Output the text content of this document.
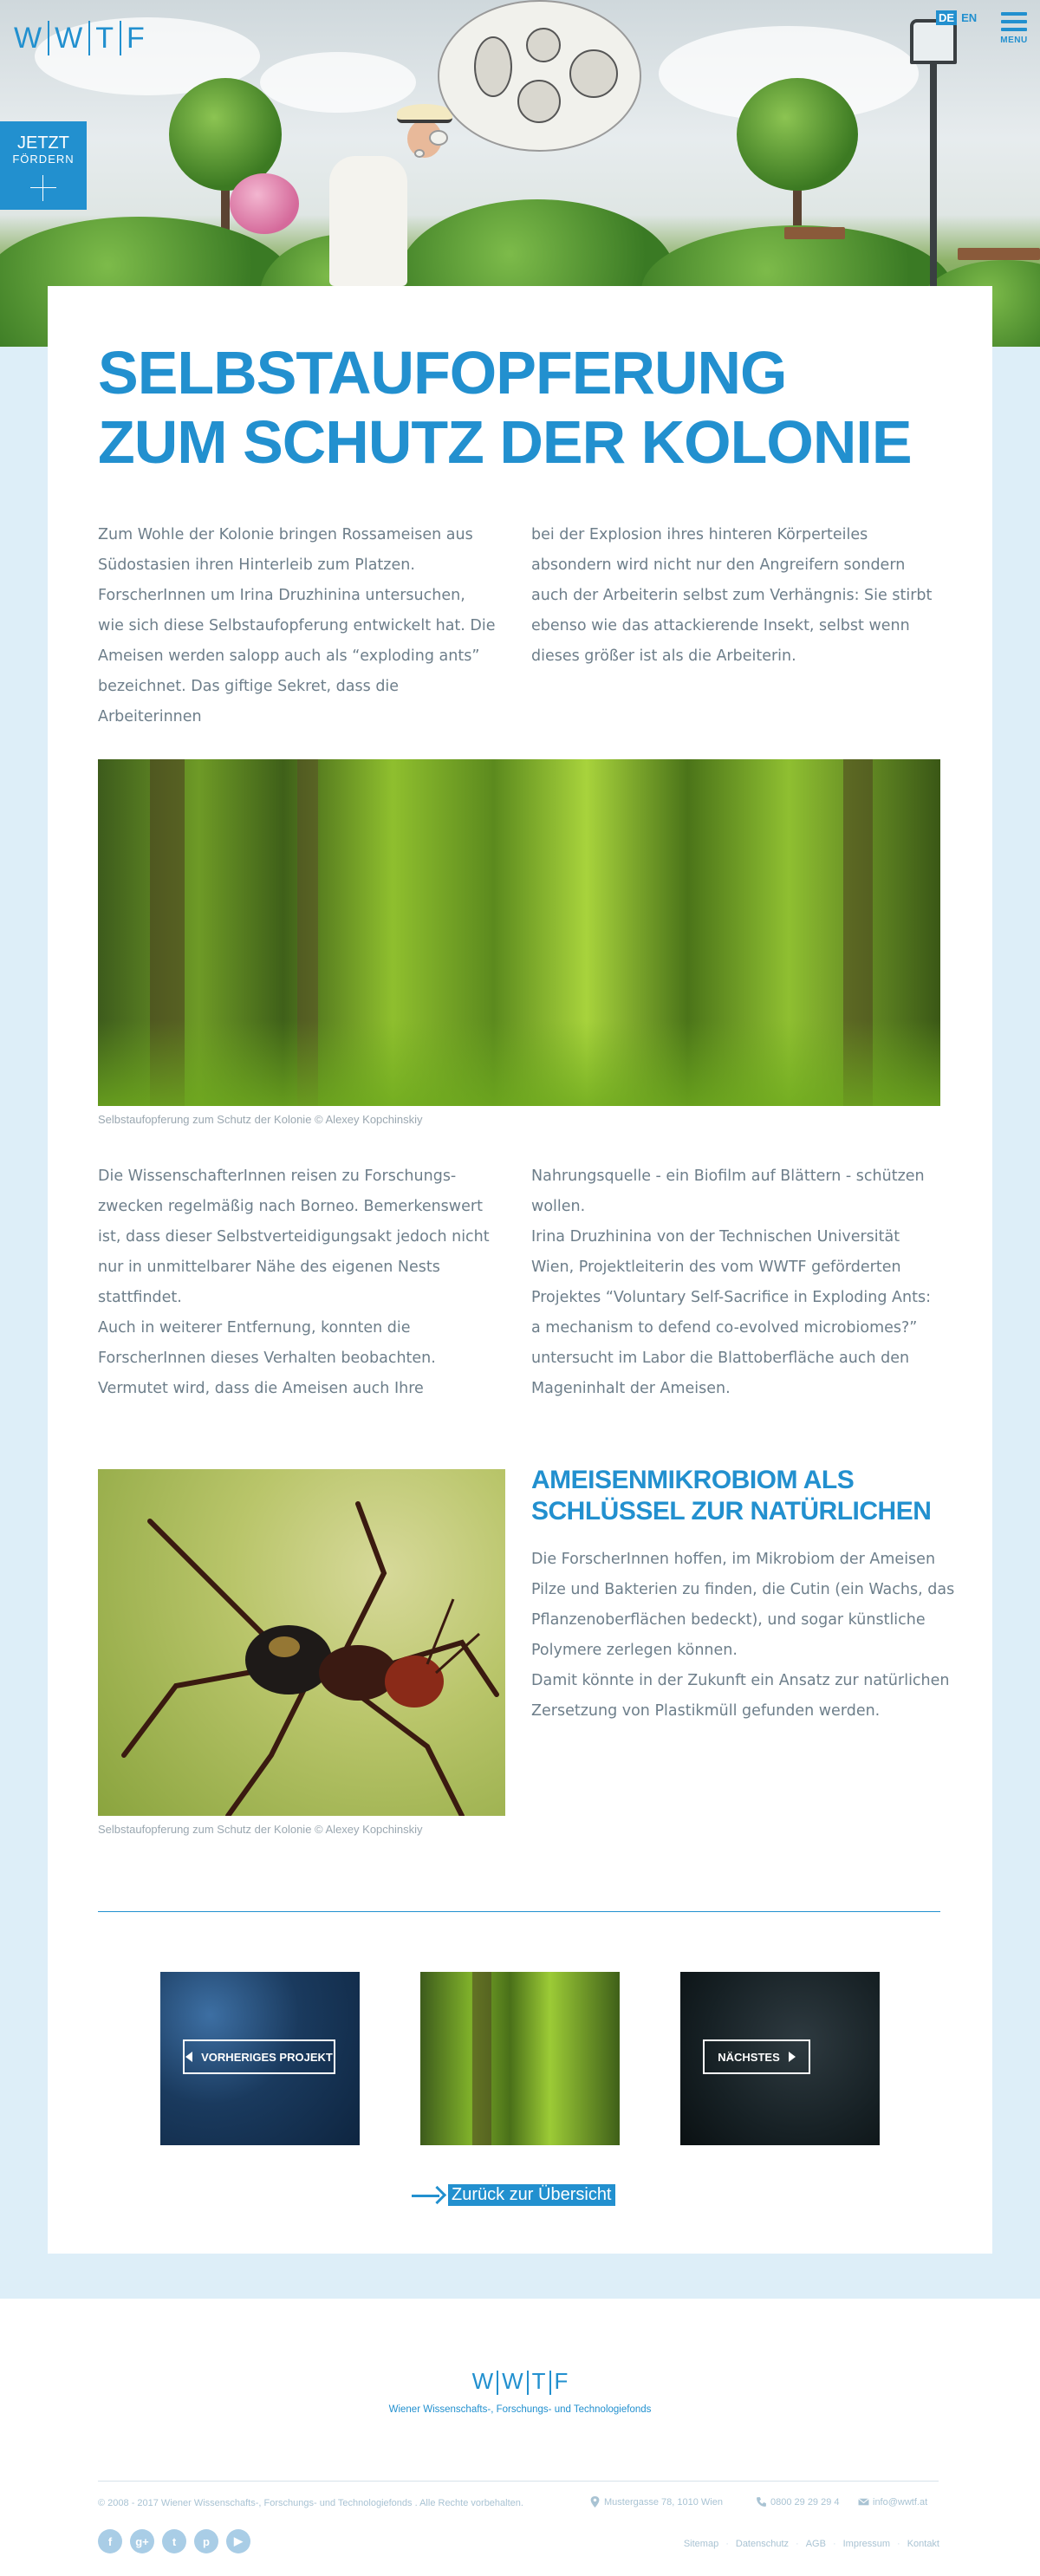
W W T F
DE EN
MENU
JETZT
FÖRDERN
SELBSTAUFOPFERUNG
ZUM SCHUTZ DER KOLONIE
Zum Wohle der Kolonie bringen Rossameisen aus
Südostasien ihren Hinterleib zum Platzen.
ForscherInnen um Irina Druzhinina untersuchen,
wie sich diese Selbstaufopferung entwickelt hat. Die
Ameisen werden salopp auch als “exploding ants”
bezeichnet. Das giftige Sekret, dass die Arbeiterinnen
bei der Explosion ihres hinteren Körperteiles
absondern wird nicht nur den Angreifern sondern
auch der Arbeiterin selbst zum Verhängnis: Sie stirbt
ebenso wie das attackierende Insekt, selbst wenn
dieses größer ist als die Arbeiterin.
Selbstaufopferung zum Schutz der Kolonie © Alexey Kopchinskiy
Die WissenschafterInnen reisen zu Forschungs-
zwecken regelmäßig nach Borneo. Bemerkenswert
ist, dass dieser Selbstverteidigungsakt jedoch nicht
nur in unmittelbarer Nähe des eigenen Nests
stattfindet.
Auch in weiterer Entfernung, konnten die
ForscherInnen dieses Verhalten beobachten.
Vermutet wird, dass die Ameisen auch Ihre
Nahrungsquelle - ein Biofilm auf Blättern - schützen
wollen.
Irina Druzhinina von der Technischen Universität
Wien, Projektleiterin des vom WWTF geförderten
Projektes “Voluntary Self-Sacrifice in Exploding Ants:
a mechanism to defend co-evolved microbiomes?”
untersucht im Labor die Blattoberfläche auch den
Mageninhalt der Ameisen.
Selbstaufopferung zum Schutz der Kolonie © Alexey Kopchinskiy
AMEISENMIKROBIOM ALS
SCHLÜSSEL ZUR NATÜRLICHEN
Die ForscherInnen hoffen, im Mikrobiom der Ameisen
Pilze und Bakterien zu finden, die Cutin (ein Wachs, das
Pflanzenoberflächen bedeckt), und sogar künstliche
Polymere zerlegen können.
Damit könnte in der Zukunft ein Ansatz zur natürlichen
Zersetzung von Plastikmüll gefunden werden.
VORHERIGES PROJEKT	NÄCHSTES
Zurück zur Übersicht
W W T F
Wiener Wissenschafts-, Forschungs- und Technologiefonds
© 2008 - 2017 Wiener Wissenschafts-, Forschungs- und Technologiefonds . Alle Rechte vorbehalten.	Mustergasse 78, 1010 Wien	0800 29 29 29 4	info@wwtf.at
f	g+	t	p	▶	Sitemap · Datenschutz · AGB · Impressum · Kontakt
